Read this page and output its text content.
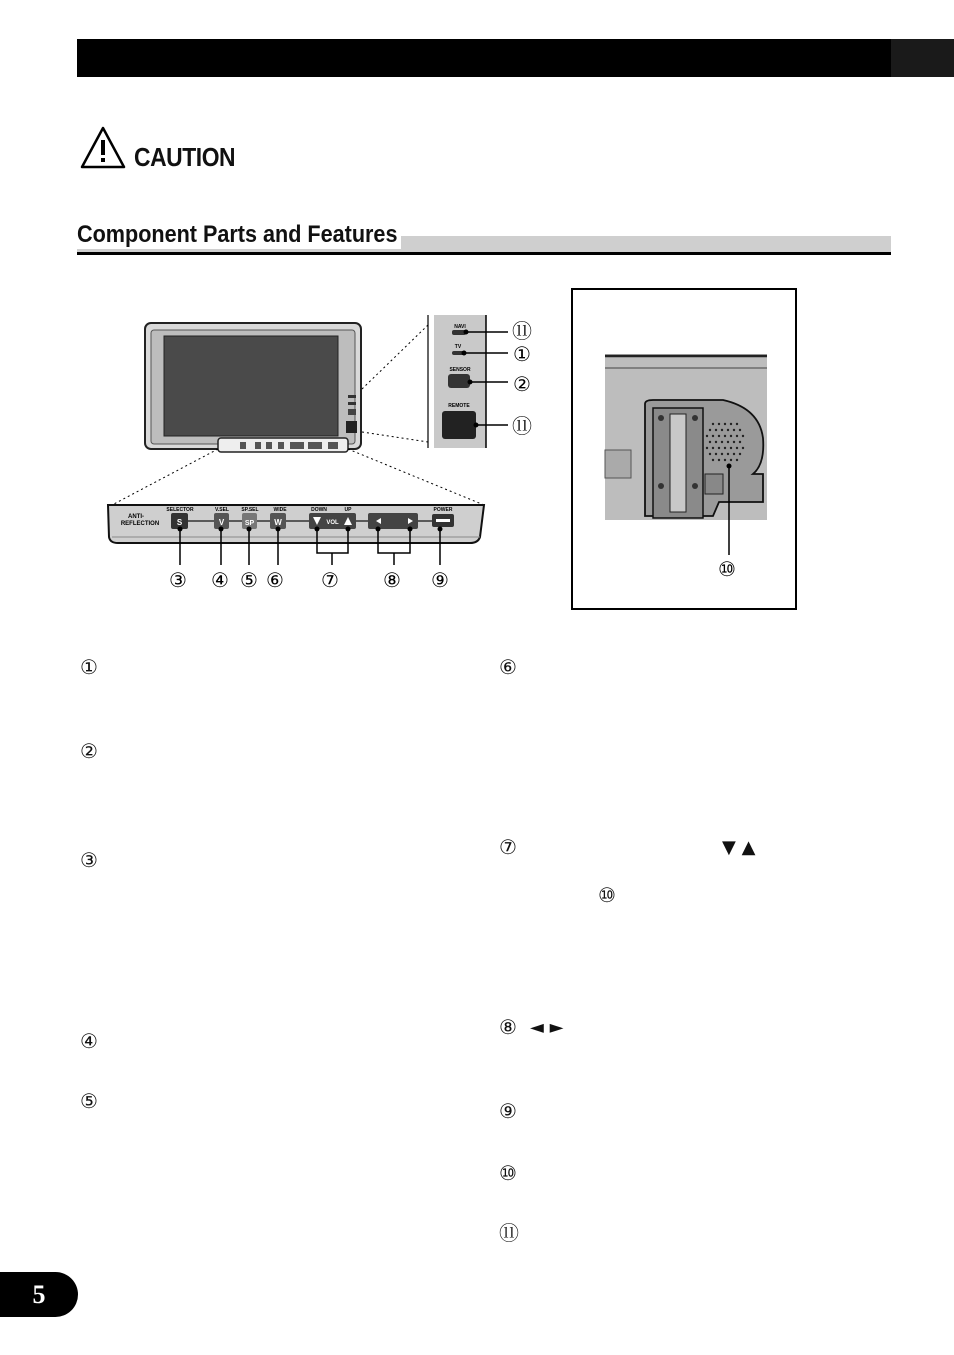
CAUTION
Component Parts and Features
NAVI
TV
SENSOR
REMOTE
⑪
①
②
⑪
ANTI-
REFLECTION
SELECTOR
S
V.SEL
V
SP.SEL
SP
WIDE
W
DOWN	UP
VOL
POWER
③ ④ ⑤ ⑥ ⑦ ⑧ ⑨	⑩
①
②
③
④
⑤
⑥
⑦	▼ ▲
⑩
⑧ ◄ ►
⑨
⑩
⑪
5
